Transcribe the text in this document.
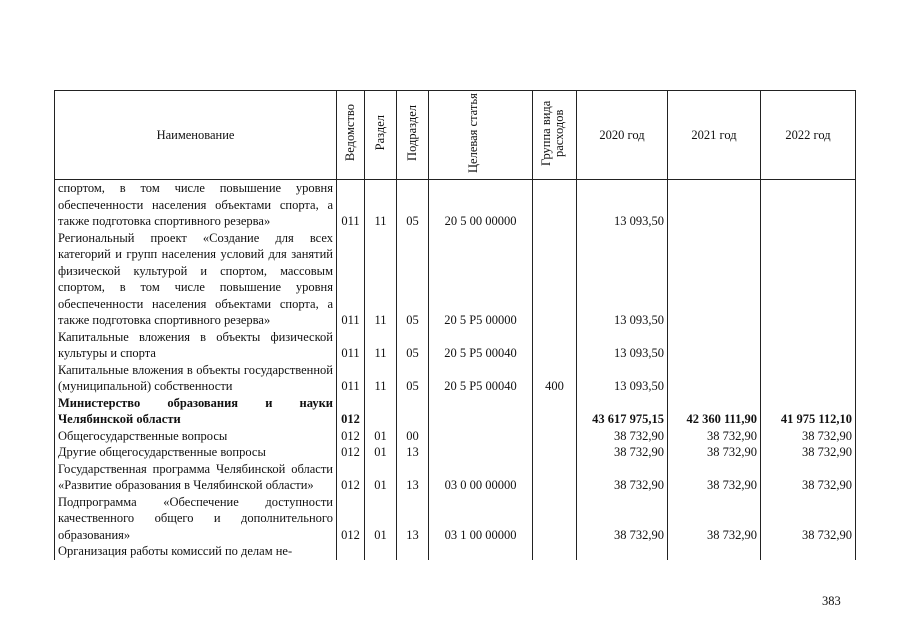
Наименование	Ведомство	Раздел	Подраздел	Целевая статья	Группа вида расходов	2020 год	2021 год	2022 год
спортом, в том числе повышение уровня обеспеченности населения объектами спорта, а также подготовка спортивного резерва»	011	11	05	20 5 00 00000		13 093,50		
Региональный проект «Создание для всех категорий и групп населения условий для занятий физической культурой и спортом, массовым спортом, в том числе повышение уровня обеспеченности населения объектами спорта, а также подготовка спортивного резерва»	011	11	05	20 5 P5 00000		13 093,50		
Капитальные вложения в объекты физической культуры и спорта	011	11	05	20 5 P5 00040		13 093,50		
Капитальные вложения в объекты государственной (муниципальной) собственности	011	11	05	20 5 P5 00040	400	13 093,50		
Министерство образования и науки Челябинской области	012					43 617 975,15	42 360 111,90	41 975 112,10
Общегосударственные вопросы	012	01	00			38 732,90	38 732,90	38 732,90
Другие общегосударственные вопросы	012	01	13			38 732,90	38 732,90	38 732,90
Государственная программа Челябинской области «Развитие образования в Челябинской области»	012	01	13	03 0 00 00000		38 732,90	38 732,90	38 732,90
Подпрограмма «Обеспечение доступности качественного общего и дополнительного образования»	012	01	13	03 1 00 00000		38 732,90	38 732,90	38 732,90
Организация работы комиссий по делам не-								
383
